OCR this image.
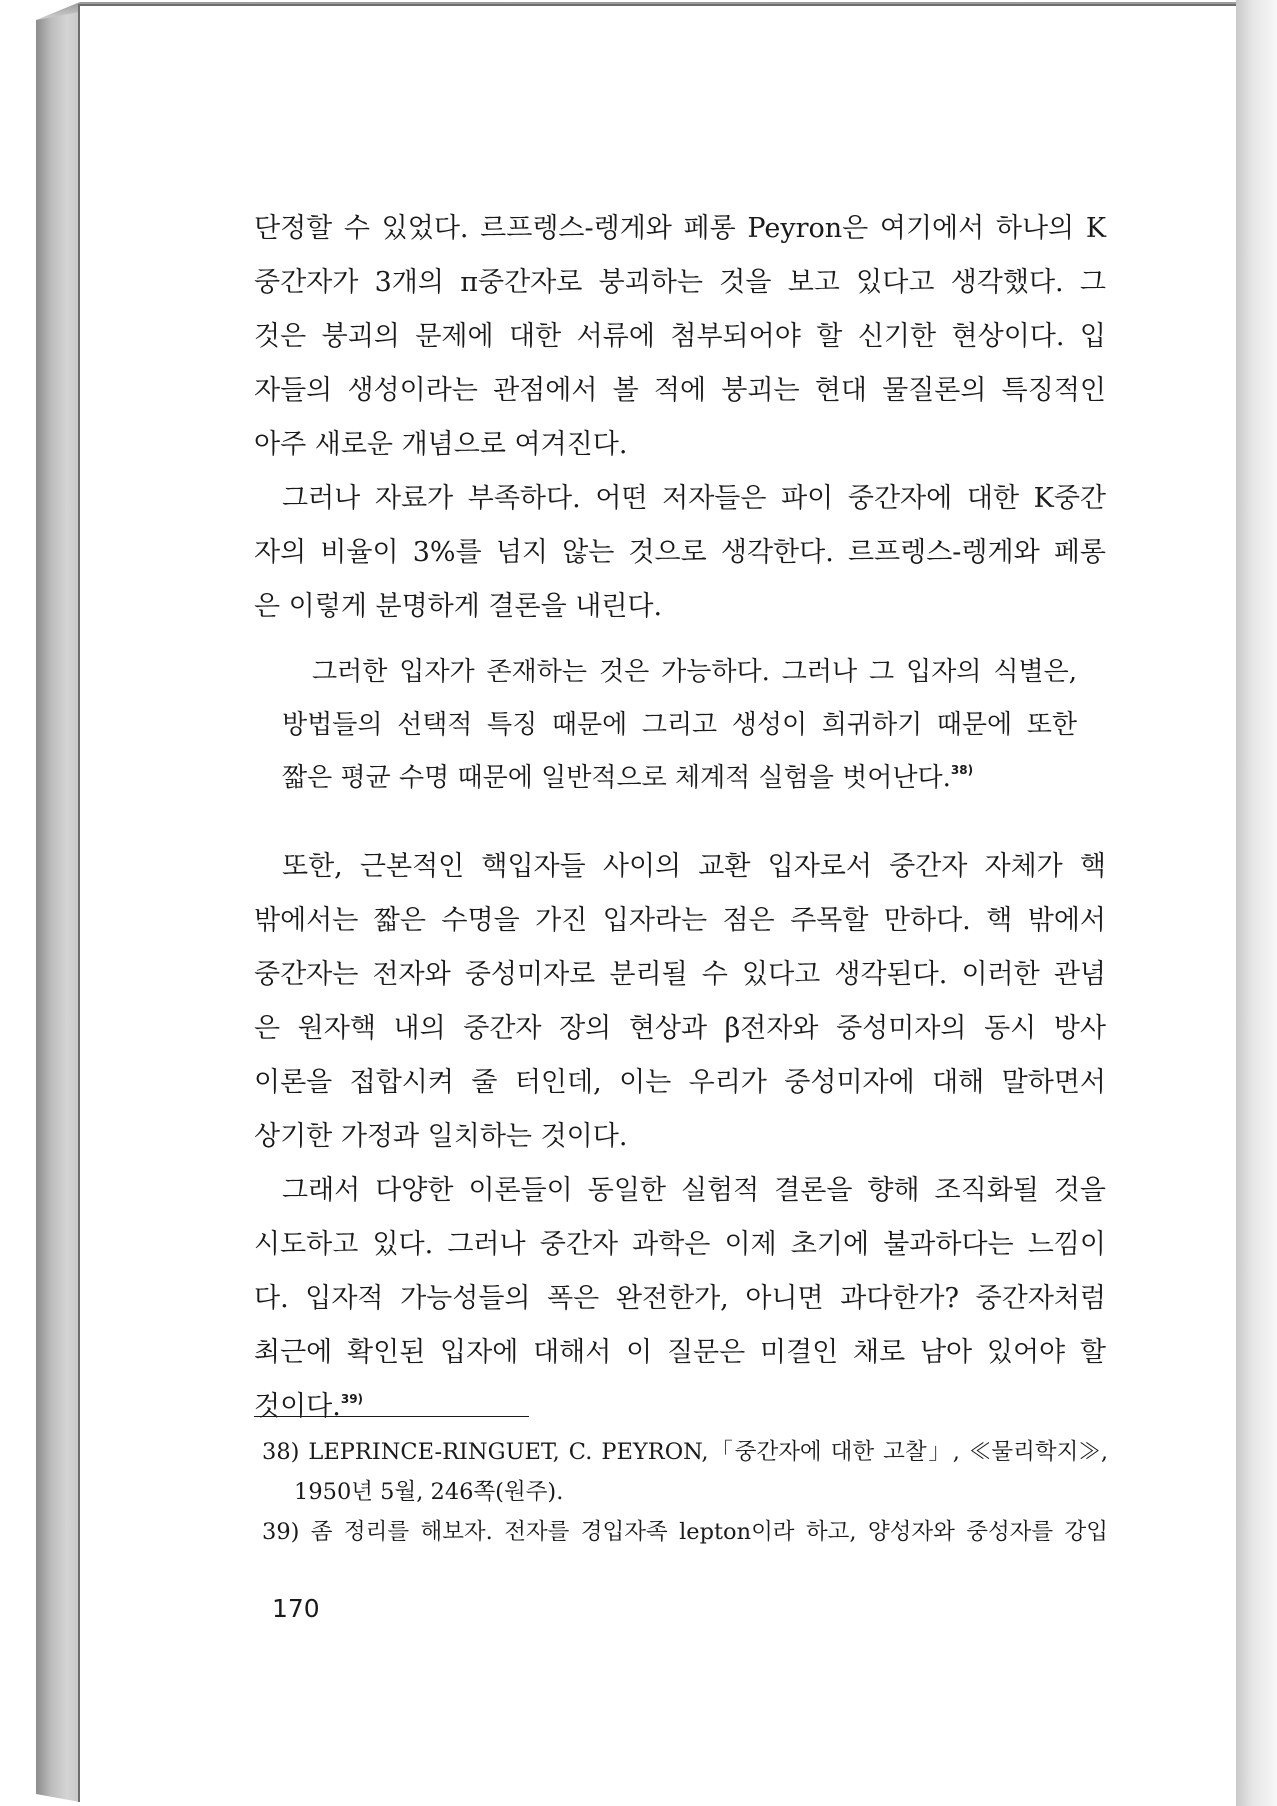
단정할 수 있었다. 르프렝스-렝게와 페롱 Peyron은 여기에서 하나의 K
중간자가 3개의 π중간자로 붕괴하는 것을 보고 있다고 생각했다. 그
것은 붕괴의 문제에 대한 서류에 첨부되어야 할 신기한 현상이다. 입
자들의 생성이라는 관점에서 볼 적에 붕괴는 현대 물질론의 특징적인
아주 새로운 개념으로 여겨진다.
그러나 자료가 부족하다. 어떤 저자들은 파이 중간자에 대한 K중간
자의 비율이 3%를 넘지 않는 것으로 생각한다. 르프렝스-렝게와 페롱
은 이렇게 분명하게 결론을 내린다.
그러한 입자가 존재하는 것은 가능하다. 그러나 그 입자의 식별은,
방법들의 선택적 특징 때문에 그리고 생성이 희귀하기 때문에 또한
짧은 평균 수명 때문에 일반적으로 체계적 실험을 벗어난다.$^{38)}$
또한, 근본적인 핵입자들 사이의 교환 입자로서 중간자 자체가 핵
밖에서는 짧은 수명을 가진 입자라는 점은 주목할 만하다. 핵 밖에서
중간자는 전자와 중성미자로 분리될 수 있다고 생각된다. 이러한 관념
은 원자핵 내의 중간자 장의 현상과 β전자와 중성미자의 동시 방사
이론을 접합시켜 줄 터인데, 이는 우리가 중성미자에 대해 말하면서
상기한 가정과 일치하는 것이다.
그래서 다양한 이론들이 동일한 실험적 결론을 향해 조직화될 것을
시도하고 있다. 그러나 중간자 과학은 이제 초기에 불과하다는 느낌이
다. 입자적 가능성들의 폭은 완전한가, 아니면 과다한가? 중간자처럼
최근에 확인된 입자에 대해서 이 질문은 미결인 채로 남아 있어야 할
것이다.$^{39)}$
38) LEPRINCE-RINGUET, C. PEYRON,「중간자에 대한 고찰」, ≪물리학지≫,
1950년 5월, 246쪽(원주).
39) 좀 정리를 해보자. 전자를 경입자족 lepton이라 하고, 양성자와 중성자를 강입
170
